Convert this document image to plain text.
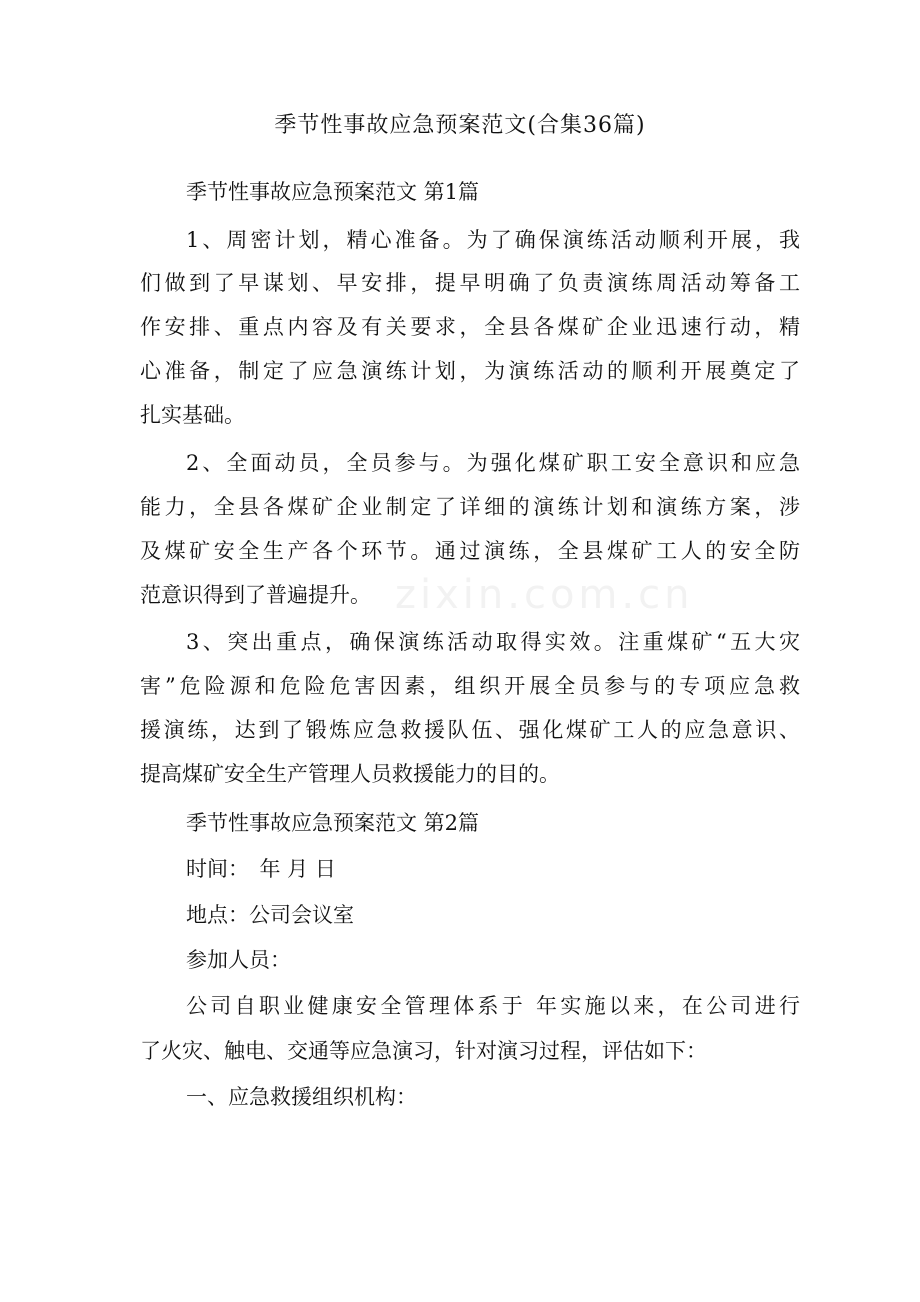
季节性事故应急预案范文(合集36篇)
zixin.com.cn
季节性事故应急预案范文 第1篇
1、周密计划，精心准备。为了确保演练活动顺利开展，我
们做到了早谋划、早安排，提早明确了负责演练周活动筹备工
作安排、重点内容及有关要求，全县各煤矿企业迅速行动，精
心准备，制定了应急演练计划，为演练活动的顺利开展奠定了
扎实基础。
2、全面动员，全员参与。为强化煤矿职工安全意识和应急
能力，全县各煤矿企业制定了详细的演练计划和演练方案，涉
及煤矿安全生产各个环节。通过演练，全县煤矿工人的安全防
范意识得到了普遍提升。
3、突出重点，确保演练活动取得实效。注重煤矿“五大灾
害”危险源和危险危害因素，组织开展全员参与的专项应急救
援演练，达到了锻炼应急救援队伍、强化煤矿工人的应急意识、
提高煤矿安全生产管理人员救援能力的目的。
季节性事故应急预案范文 第2篇
时间：　年 月 日
地点：公司会议室
参加人员：
公司自职业健康安全管理体系于 年实施以来，在公司进行
了火灾、触电、交通等应急演习，针对演习过程，评估如下：
一、应急救援组织机构：
